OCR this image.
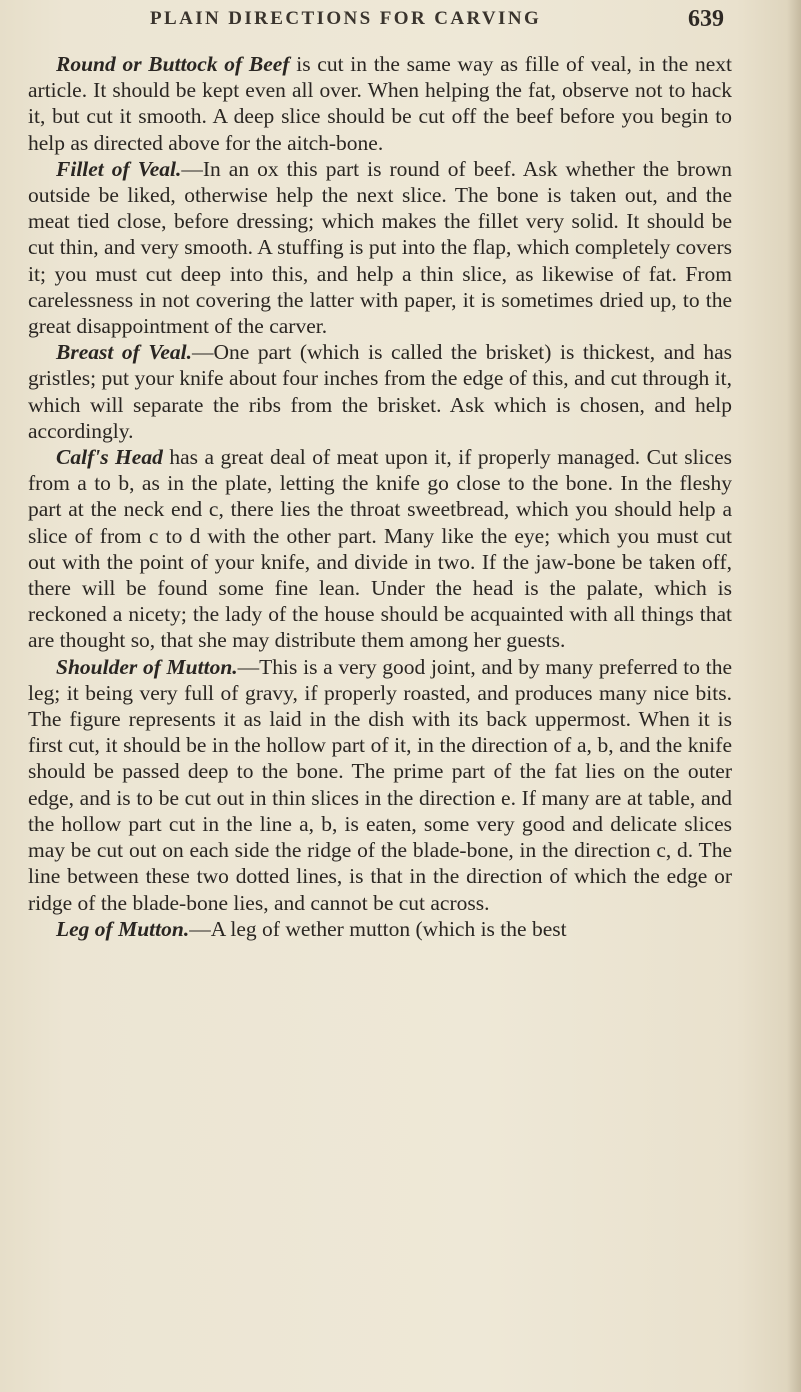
PLAIN DIRECTIONS FOR CARVING	639

Round or Buttock of Beef is cut in the same way as fille of veal, in the next article. It should be kept even all over. When helping the fat, observe not to hack it, but cut it smooth. A deep slice should be cut off the beef before you begin to help as directed above for the aitch-bone.

Fillet of Veal.—In an ox this part is round of beef. Ask whether the brown outside be liked, otherwise help the next slice. The bone is taken out, and the meat tied close, before dressing; which makes the fillet very solid. It should be cut thin, and very smooth. A stuffing is put into the flap, which completely covers it; you must cut deep into this, and help a thin slice, as likewise of fat. From carelessness in not covering the latter with paper, it is sometimes dried up, to the great disappointment of the carver.

Breast of Veal.—One part (which is called the brisket) is thickest, and has gristles; put your knife about four inches from the edge of this, and cut through it, which will separate the ribs from the brisket. Ask which is chosen, and help accordingly.

Calf's Head has a great deal of meat upon it, if properly managed. Cut slices from a to b, as in the plate, letting the knife go close to the bone. In the fleshy part at the neck end c, there lies the throat sweetbread, which you should help a slice of from c to d with the other part. Many like the eye; which you must cut out with the point of your knife, and divide in two. If the jaw-bone be taken off, there will be found some fine lean. Under the head is the palate, which is reckoned a nicety; the lady of the house should be acquainted with all things that are thought so, that she may distribute them among her guests.

Shoulder of Mutton.—This is a very good joint, and by many preferred to the leg; it being very full of gravy, if properly roasted, and produces many nice bits. The figure represents it as laid in the dish with its back uppermost. When it is first cut, it should be in the hollow part of it, in the direction of a, b, and the knife should be passed deep to the bone. The prime part of the fat lies on the outer edge, and is to be cut out in thin slices in the direction e. If many are at table, and the hollow part cut in the line a, b, is eaten, some very good and delicate slices may be cut out on each side the ridge of the blade-bone, in the direction c, d. The line between these two dotted lines, is that in the direction of which the edge or ridge of the blade-bone lies, and cannot be cut across.

Leg of Mutton.—A leg of wether mutton (which is the best
